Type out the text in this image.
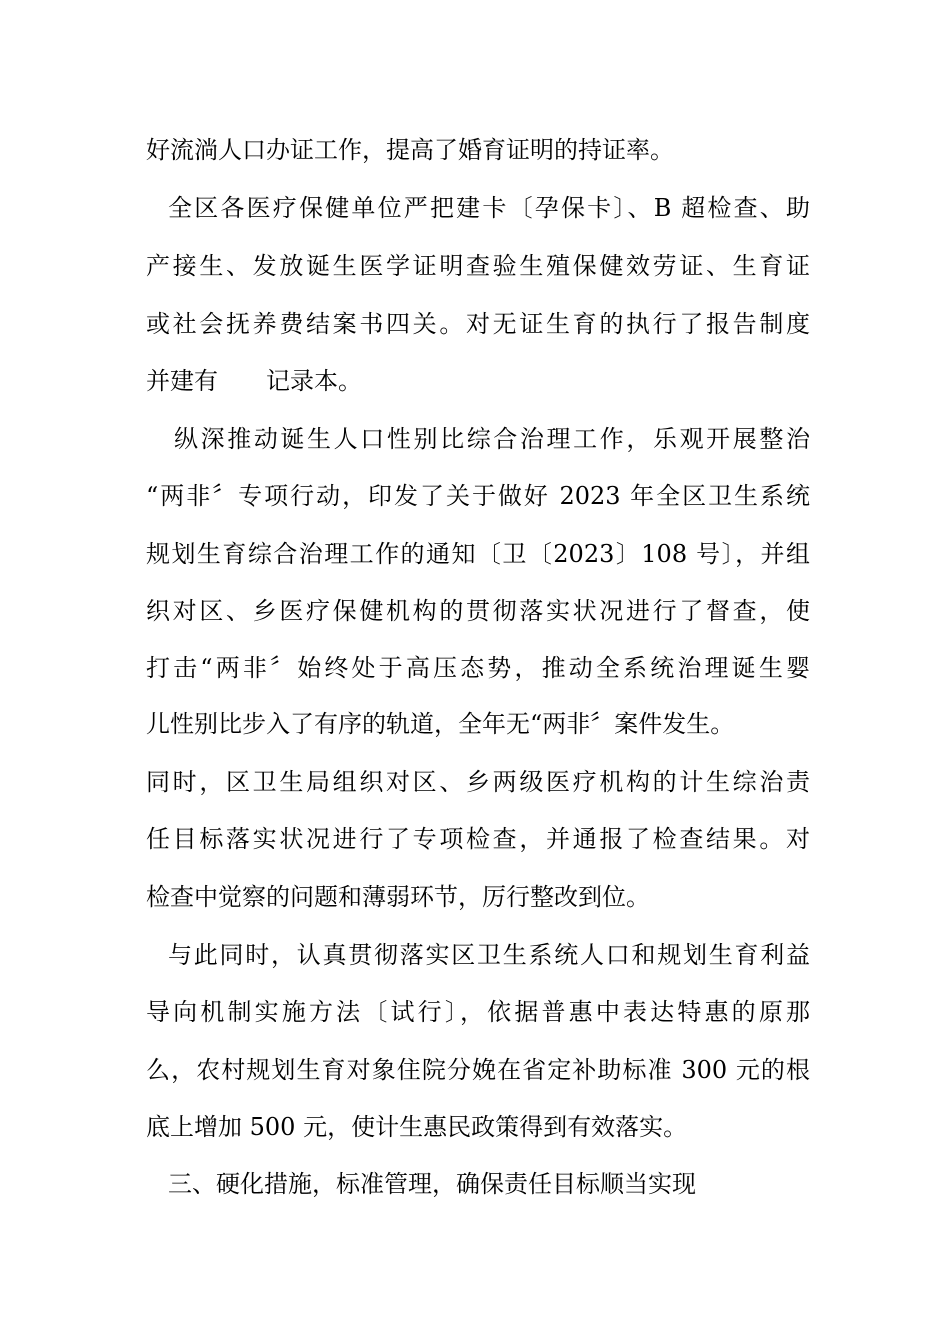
好流淌人口办证工作，提高了婚育证明的持证率。
全区各医疗保健单位严把建卡〔孕保卡〕、B 超检查、助
产接生、发放诞生医学证明查验生殖保健效劳证、生育证
或社会抚养费结案书四关。对无证生育的执行了报告制度
并建有　　记录本。
纵深推动诞生人口性别比综合治理工作，乐观开展整治
“两非〞专项行动，印发了关于做好 2023 年全区卫生系统
规划生育综合治理工作的通知〔卫〔2023〕108 号〕，并组
织对区、乡医疗保健机构的贯彻落实状况进行了督查，使
打击“两非〞始终处于高压态势，推动全系统治理诞生婴
儿性别比步入了有序的轨道，全年无“两非〞案件发生。
同时，区卫生局组织对区、乡两级医疗机构的计生综治责
任目标落实状况进行了专项检查，并通报了检查结果。对
检查中觉察的问题和薄弱环节，厉行整改到位。
与此同时，认真贯彻落实区卫生系统人口和规划生育利益
导向机制实施方法〔试行〕，依据普惠中表达特惠的原那
么，农村规划生育对象住院分娩在省定补助标准 300 元的根
底上增加 500 元，使计生惠民政策得到有效落实。
三、硬化措施，标准管理，确保责任目标顺当实现
